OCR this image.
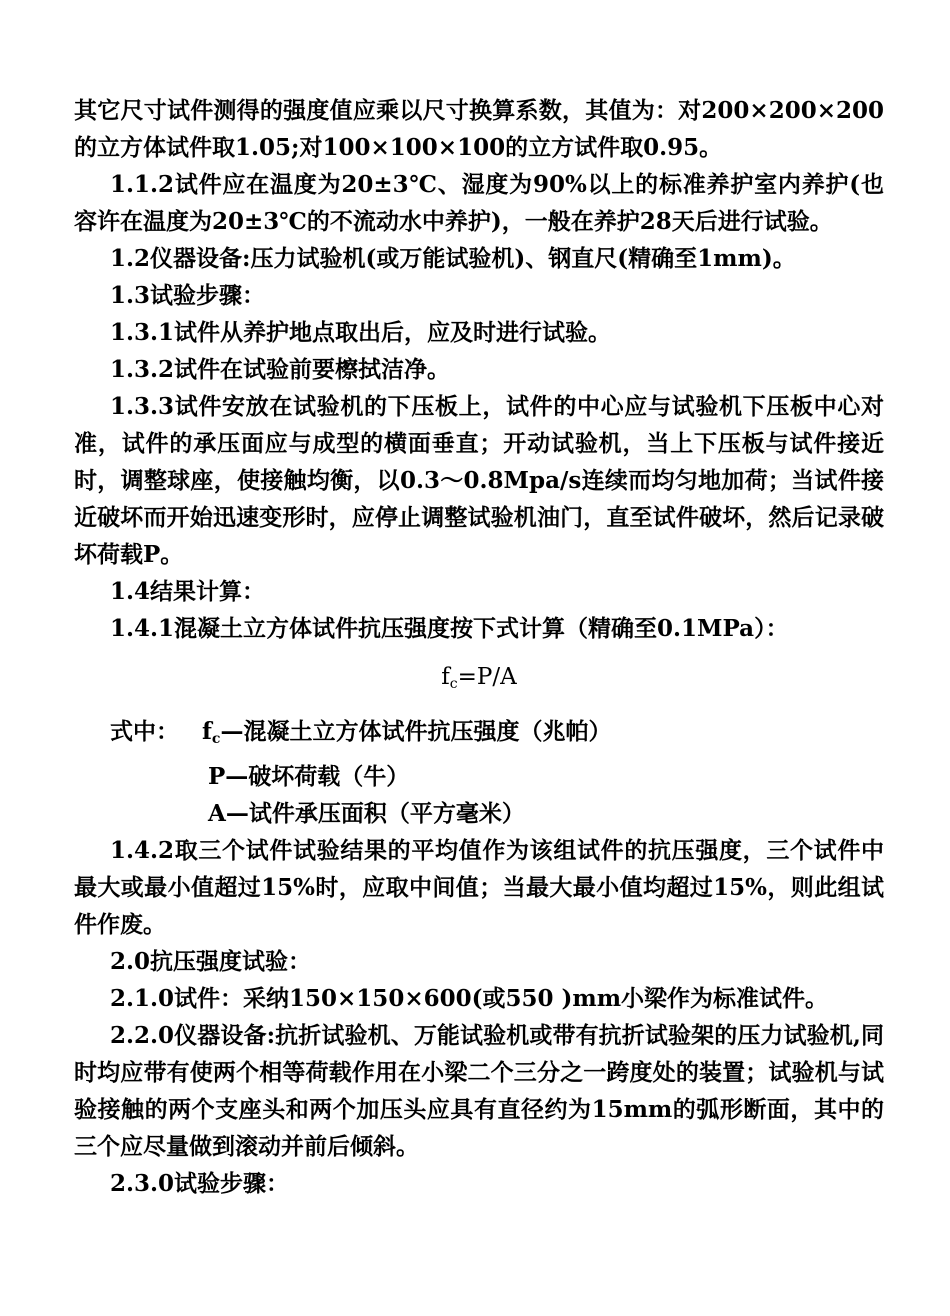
其它尺寸试件测得的强度值应乘以尺寸换算系数，其值为：对200×200×200的立方体试件取1.05;对100×100×100的立方试件取0.95。

1.1.2试件应在温度为20±3℃、湿度为90%以上的标准养护室内养护(也容许在温度为20±3℃的不流动水中养护)，一般在养护28天后进行试验。

1.2仪器设备:压力试验机(或万能试验机)、钢直尺(精确至1mm)。

1.3试验步骤：

1.3.1试件从养护地点取出后，应及时进行试验。

1.3.2试件在试验前要檫拭洁净。

1.3.3试件安放在试验机的下压板上，试件的中心应与试验机下压板中心对准，试件的承压面应与成型的横面垂直；开动试验机，当上下压板与试件接近时，调整球座，使接触均衡，以0.3～0.8Mpa/s连续而均匀地加荷；当试件接近破坏而开始迅速变形时，应停止调整试验机油门，直至试件破坏，然后记录破坏荷载P。

1.4结果计算：

1.4.1混凝土立方体试件抗压强度按下式计算（精确至0.1MPa）：

$f_c=P/A$
式中：	$f_c—$混凝土立方体试件抗压强度（兆帕）

P—破坏荷载（牛）

A—试件承压面积（平方毫米）

1.4.2取三个试件试验结果的平均值作为该组试件的抗压强度，三个试件中最大或最小值超过15%时，应取中间值；当最大最小值均超过15%，则此组试件作废。

2.0抗压强度试验：

2.1.0试件：采纳150×150×600(或550 )mm小梁作为标准试件。

2.2.0仪器设备:抗折试验机、万能试验机或带有抗折试验架的压力试验机,同时均应带有使两个相等荷载作用在小梁二个三分之一跨度处的装置；试验机与试验接触的两个支座头和两个加压头应具有直径约为15mm的弧形断面，其中的三个应尽量做到滚动并前后倾斜。

2.3.0试验步骤：
